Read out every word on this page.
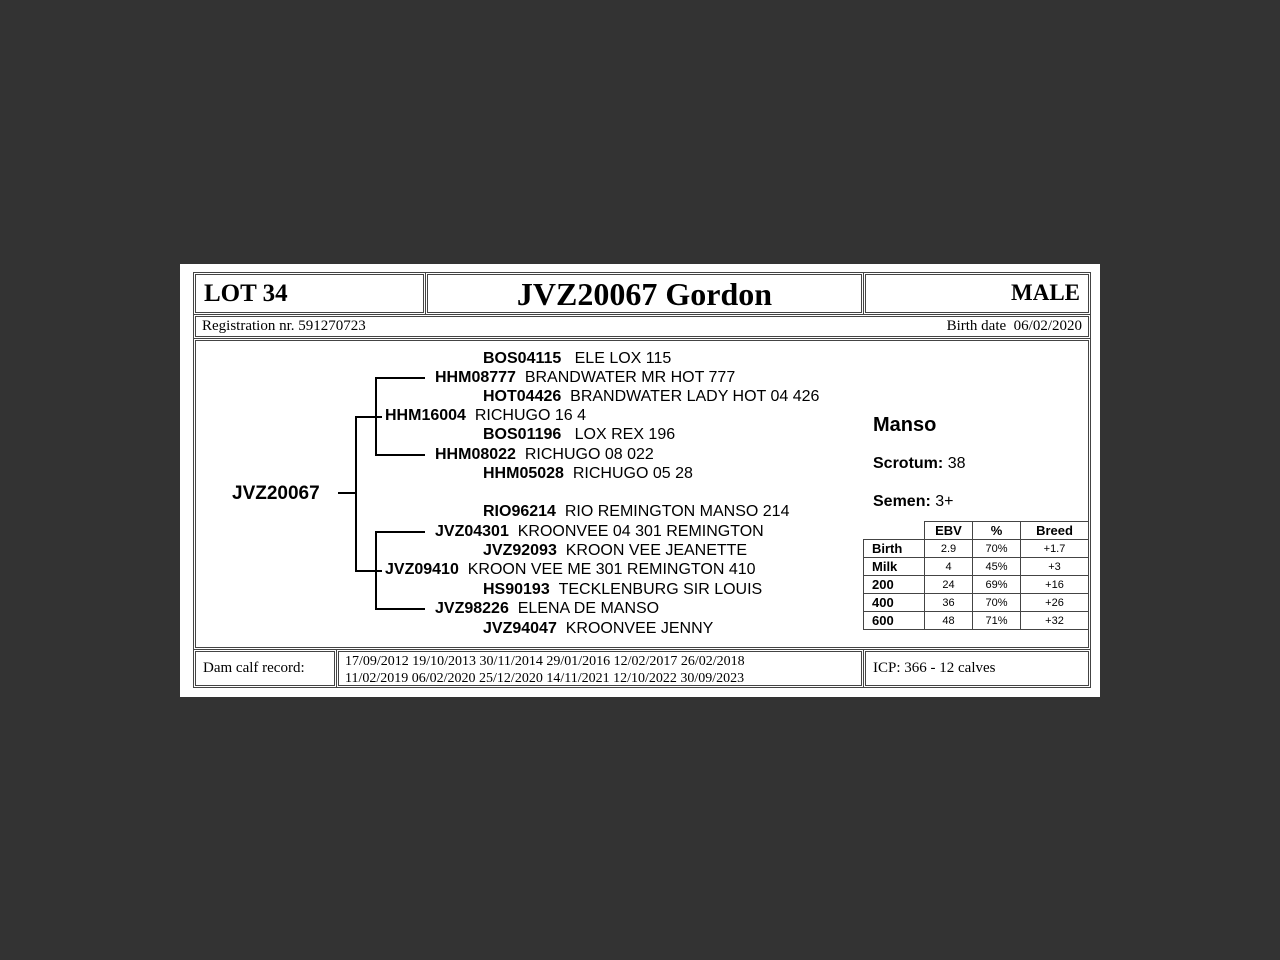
LOT 34	JVZ20067 Gordon	MALE
Registration nr. 591270723	Birth date 06/02/2020
JVZ20067
BOS04115 ELE LOX 115
HHM08777 BRANDWATER MR HOT 777
HOT04426 BRANDWATER LADY HOT 04 426
HHM16004 RICHUGO 16 4
BOS01196 LOX REX 196
HHM08022 RICHUGO 08 022
HHM05028 RICHUGO 05 28
RIO96214 RIO REMINGTON MANSO 214
JVZ04301 KROONVEE 04 301 REMINGTON
JVZ92093 KROON VEE JEANETTE
JVZ09410 KROON VEE ME 301 REMINGTON 410
HS90193 TECKLENBURG SIR LOUIS
JVZ98226 ELENA DE MANSO
JVZ94047 KROONVEE JENNY
Manso
Scrotum: 38
Semen: 3+
	EBV	%	Breed
Birth	2.9	70%	+1.7
Milk	4	45%	+3
200	24	69%	+16
400	36	70%	+26
600	48	71%	+32
Dam calf record:	17/09/2012 19/10/2013 30/11/2014 29/01/2016 12/02/2017 26/02/2018
11/02/2019 06/02/2020 25/12/2020 14/11/2021 12/10/2022 30/09/2023
ICP: 366 - 12 calves
